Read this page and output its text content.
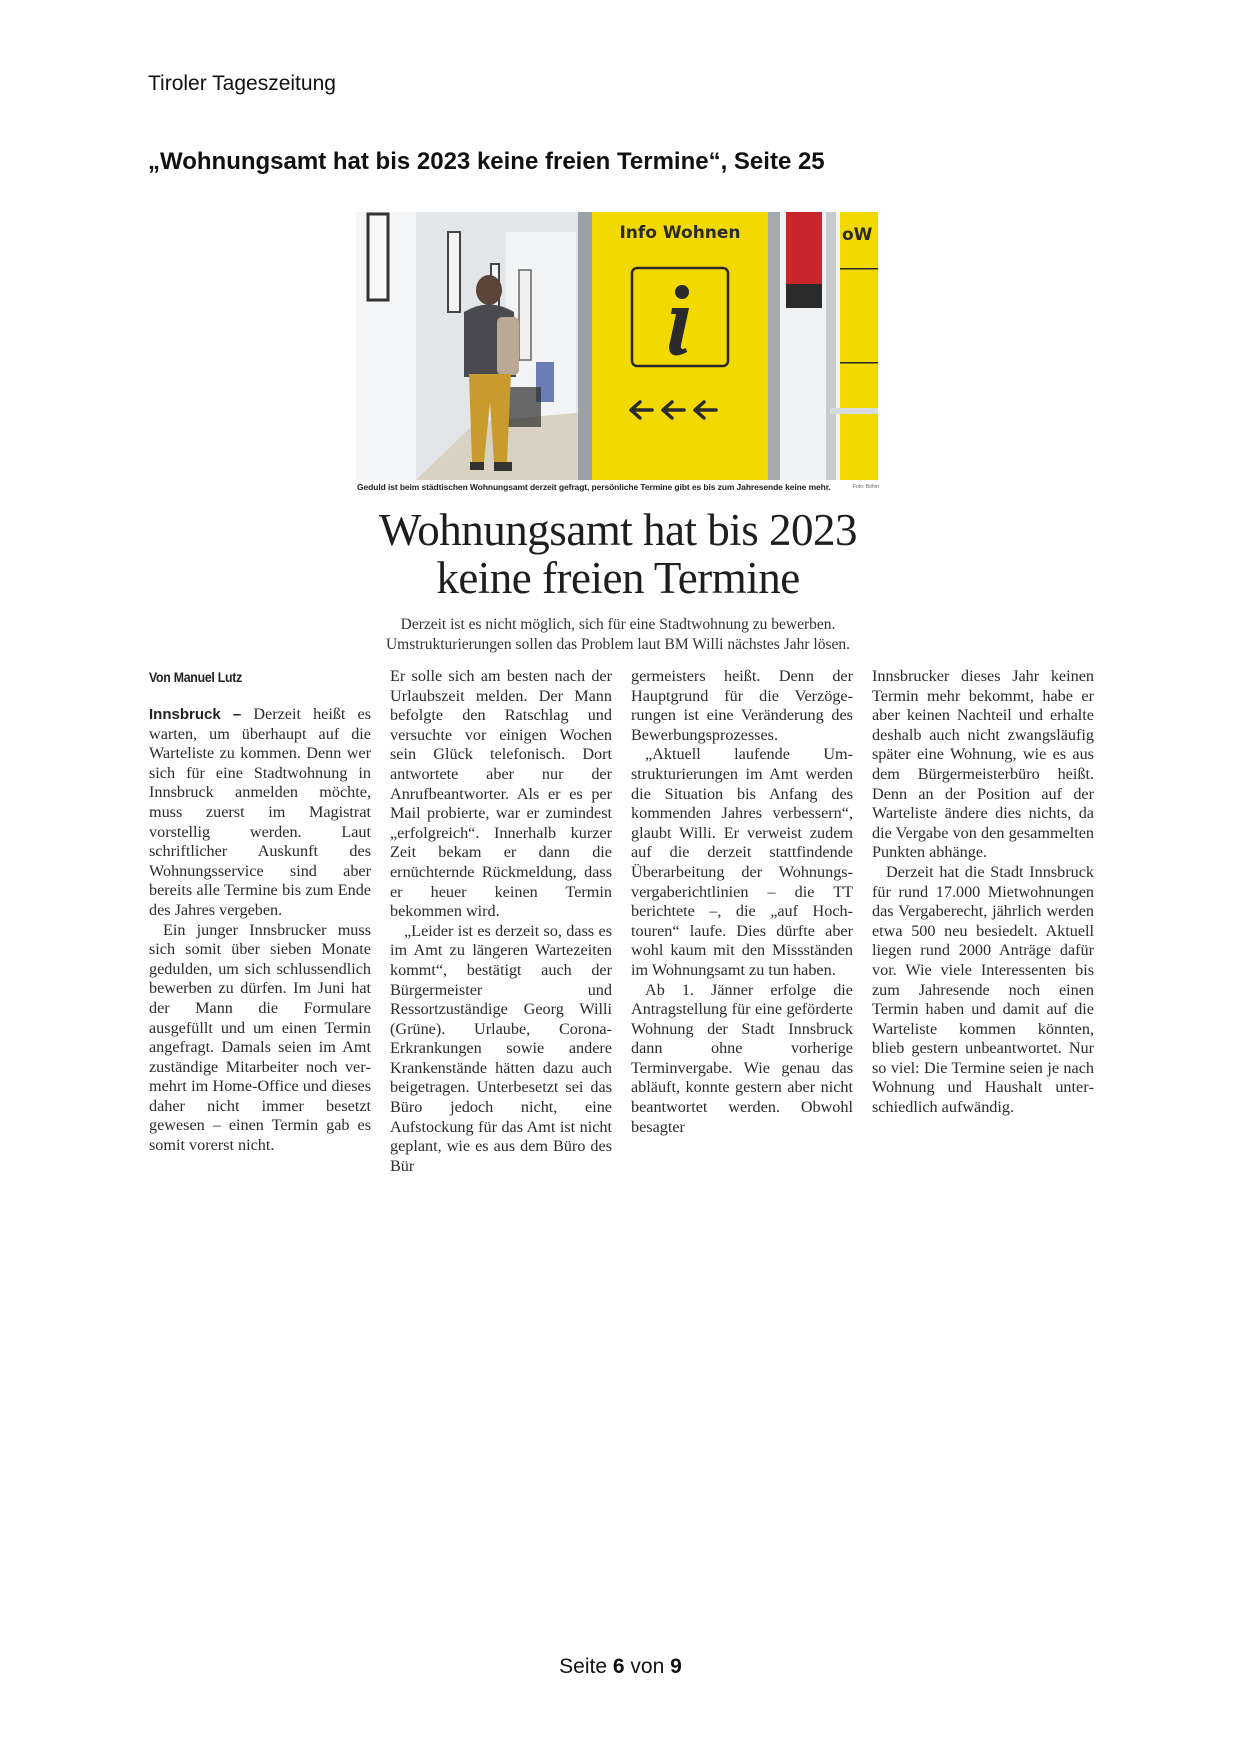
Tiroler Tageszeitung
„Wohnungsamt hat bis 2023 keine freien Termine“, Seite 25
Info Wohnen	oW
Geduld ist beim städtischen Wohnungsamt derzeit gefragt, persönliche Termine gibt es bis zum Jahresende keine mehr.	Foto: Böhm
Wohnungsamt hat bis 2023
keine freien Termine
Derzeit ist es nicht möglich, sich für eine Stadtwohnung zu bewerben.
Umstrukturierungen sollen das Problem laut BM Willi nächstes Jahr lösen.
Von Manuel Lutz

Innsbruck – Derzeit heißt es warten, um überhaupt auf die Warteliste zu kommen. Denn wer sich für eine Stadtwohnung in Innsbruck anmelden möchte, muss zuerst im Magistrat vorstellig werden. Laut schriftlicher Auskunft des Wohnungsservice sind aber bereits alle Termine bis zum Ende des Jahres vergeben.

Ein junger Innsbrucker muss sich somit über sieben Monate gedulden, um sich schlussendlich bewerben zu dürfen. Im Juni hat der Mann die Formulare ausgefüllt und um einen Termin angefragt. Damals seien im Amt zuständige Mitarbeiter noch vermehrt im Home-Office und dieses daher nicht immer besetzt gewesen – einen Termin gab es somit vorerst nicht.

Er solle sich am besten nach der Urlaubszeit melden. Der Mann befolgte den Ratschlag und versuchte vor einigen Wochen sein Glück telefonisch. Dort antwortete aber nur der Anrufbeantworter. Als er es per Mail probierte, war er zumindest „erfolgreich“. Innerhalb kurzer Zeit bekam er dann die ernüchternde Rückmeldung, dass er heuer keinen Termin bekommen wird.

„Leider ist es derzeit so, dass es im Amt zu längeren Wartezeiten kommt“, bestätigt auch der Bürgermeister und Ressortzuständige Georg Willi (Grüne). Urlaube, Corona-Erkrankungen sowie andere Krankenstände hätten dazu auch beigetragen. Unterbesetzt sei das Büro jedoch nicht, eine Aufstockung für das Amt ist nicht geplant, wie es aus dem Büro des Bür

germeisters heißt. Denn der Hauptgrund für die Verzögerungen ist eine Veränderung des Bewerbungsprozesses.

„Aktuell laufende Umstrukturierungen im Amt werden die Situation bis Anfang des kommenden Jahres verbessern“, glaubt Willi. Er verweist zudem auf die derzeit stattfindende Überarbeitung der Wohnungsvergaberichtlinien – die TT berichtete –, die „auf Hochtouren“ laufe. Dies dürfte aber wohl kaum mit den Missständen im Wohnungsamt zu tun haben.

Ab 1. Jänner erfolge die Antragstellung für eine geförderte Wohnung der Stadt Innsbruck dann ohne vorherige Terminvergabe. Wie genau das abläuft, konnte gestern aber nicht beantwortet werden. Obwohl besagter

Innsbrucker dieses Jahr keinen Termin mehr bekommt, habe er aber keinen Nachteil und erhalte deshalb auch nicht zwangsläufig später eine Wohnung, wie es aus dem Bürgermeisterbüro heißt. Denn an der Position auf der Warteliste ändere dies nichts, da die Vergabe von den gesammelten Punkten abhänge.

Derzeit hat die Stadt Innsbruck für rund 17.000 Mietwohnungen das Vergaberecht, jährlich werden etwa 500 neu besiedelt. Aktuell liegen rund 2000 Anträge dafür vor. Wie viele Interessenten bis zum Jahresende noch einen Termin haben und damit auf die Warteliste kommen könnten, blieb gestern unbeantwortet. Nur so viel: Die Termine seien je nach Wohnung und Haushalt unterschiedlich aufwändig.

Seite 6 von 9
